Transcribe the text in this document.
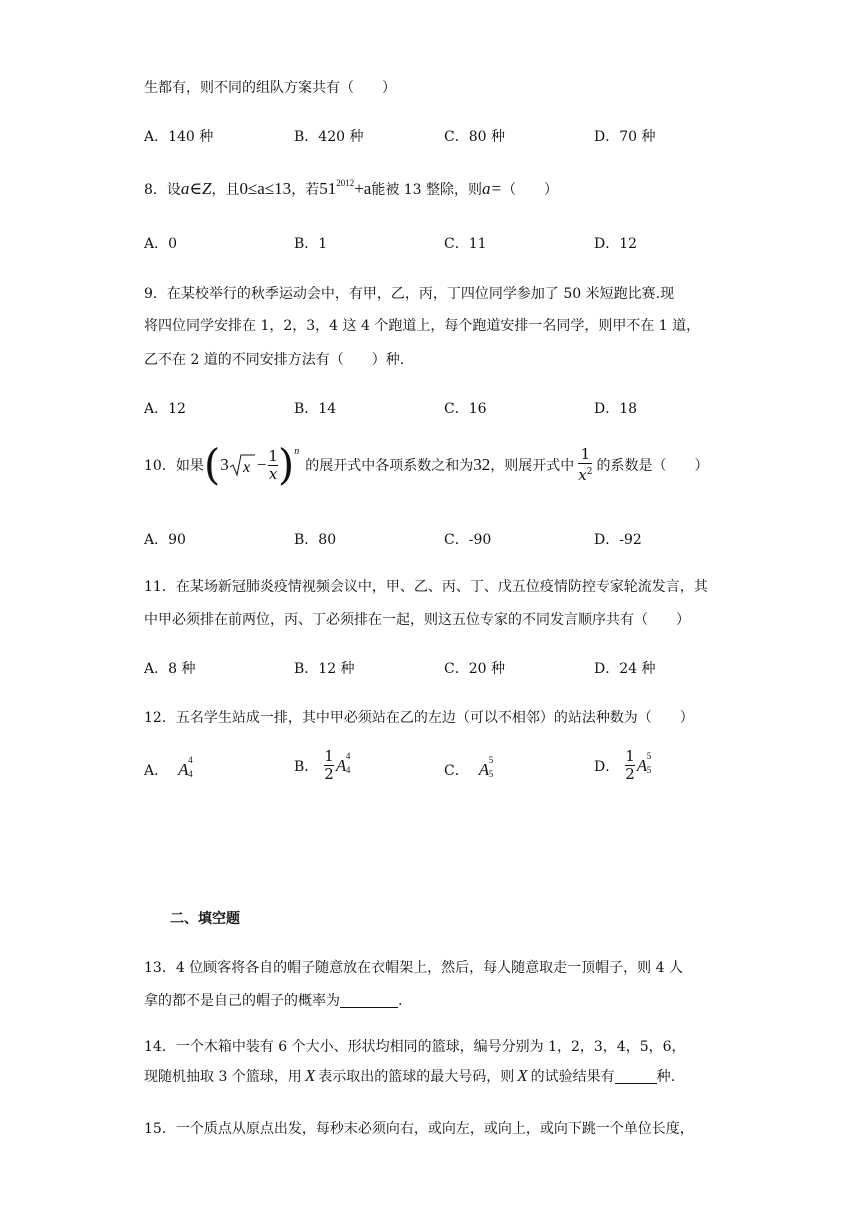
生都有，则不同的组队方案共有（　　）
A．140 种	B．420 种	C．80 种	D．70 种
8．设a∈Z，且0≤a≤13，若$51^{2012}+a$能被 13 整除，则a=（　　）
A．0	B．1	C．11	D．12
9．在某校举行的秋季运动会中，有甲，乙，丙，丁四位同学参加了 50 米短跑比赛.现
将四位同学安排在 1，2，3，4 这 4 个跑道上，每个跑道安排一名同学，则甲不在 1 道，
乙不在 2 道的不同安排方法有（　　）种.
A．12	B．14	C．16	D．18
10．如果 ( 3 $x - \frac{1}{x}$ ) n
的展开式中各项系数之和为 32 ，则展开式中 $\frac{1}{x^2}$ 的系数是（　　）
A．90	B．80	C．-90	D．-92
11．在某场新冠肺炎疫情视频会议中，甲、乙、丙、丁、戊五位疫情防控专家轮流发言，其
中甲必须排在前两位，丙、丁必须排在一起，则这五位专家的不同发言顺序共有（　　）
A．8 种	B．12 种	C．20 种	D．24 种
12．五名学生站成一排，其中甲必须站在乙的左边（可以不相邻）的站法种数为（　　）
A． A 4
4	B． $\frac{1}{2}$ A 4
4	C． A 5
5	D． $\frac{1}{2}$ A 5
5
二、填空题
13．4 位顾客将各自的帽子随意放在衣帽架上，然后，每人随意取走一顶帽子，则 4 人
拿的都不是自己的帽子的概率为	.
14．一个木箱中装有 6 个大小、形状均相同的篮球，编号分别为 1，2，3，4，5，6，
现随机抽取 3 个篮球，用 X 表示取出的篮球的最大号码，则 X 的试验结果有	种.
15．一个质点从原点出发，每秒末必须向右，或向左，或向上，或向下跳一个单位长度，
